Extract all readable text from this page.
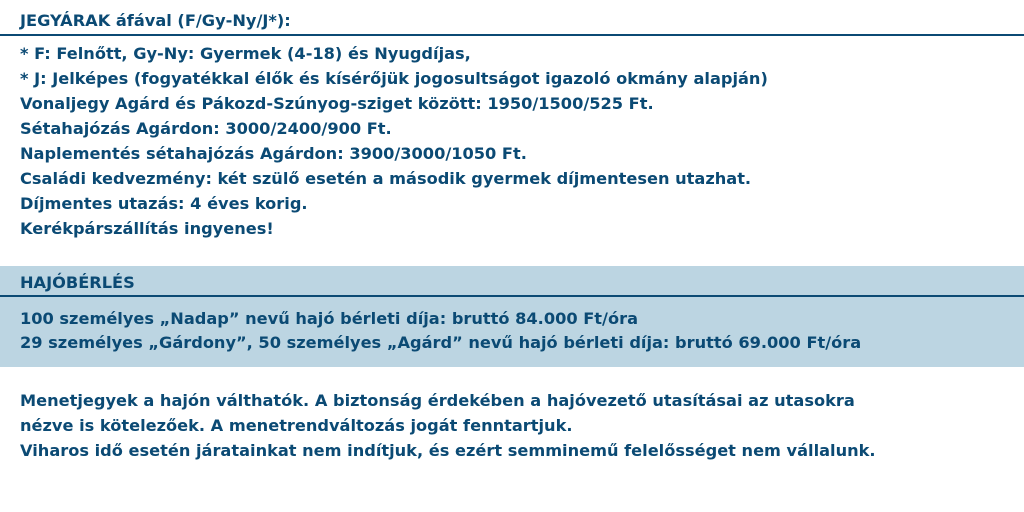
JEGYÁRAK áfával (F/Gy-Ny/J*):
* F: Felnőtt, Gy-Ny: Gyermek (4-18) és Nyugdíjas,
* J: Jelképes (fogyatékkal élők és kísérőjük jogosultságot igazoló okmány alapján)
Vonaljegy Agárd és Pákozd-Szúnyog-sziget között: 1950/1500/525 Ft.
Sétahajózás Agárdon: 3000/2400/900 Ft.
Naplementés sétahajózás Agárdon: 3900/3000/1050 Ft.
Családi kedvezmény: két szülő esetén a második gyermek díjmentesen utazhat.
Díjmentes utazás: 4 éves korig.
Kerékpárszállítás ingyenes!
HAJÓBÉRLÉS
100 személyes „Nadap” nevű hajó bérleti díja: bruttó 84.000 Ft/óra
29 személyes „Gárdony”, 50 személyes „Agárd” nevű hajó bérleti díja: bruttó 69.000 Ft/óra
Menetjegyek a hajón válthatók. A biztonság érdekében a hajóvezető utasításai az utasokra
nézve is kötelezőek. A menetrendváltozás jogát fenntartjuk.
Viharos idő esetén járatainkat nem indítjuk, és ezért semminemű felelősséget nem vállalunk.
